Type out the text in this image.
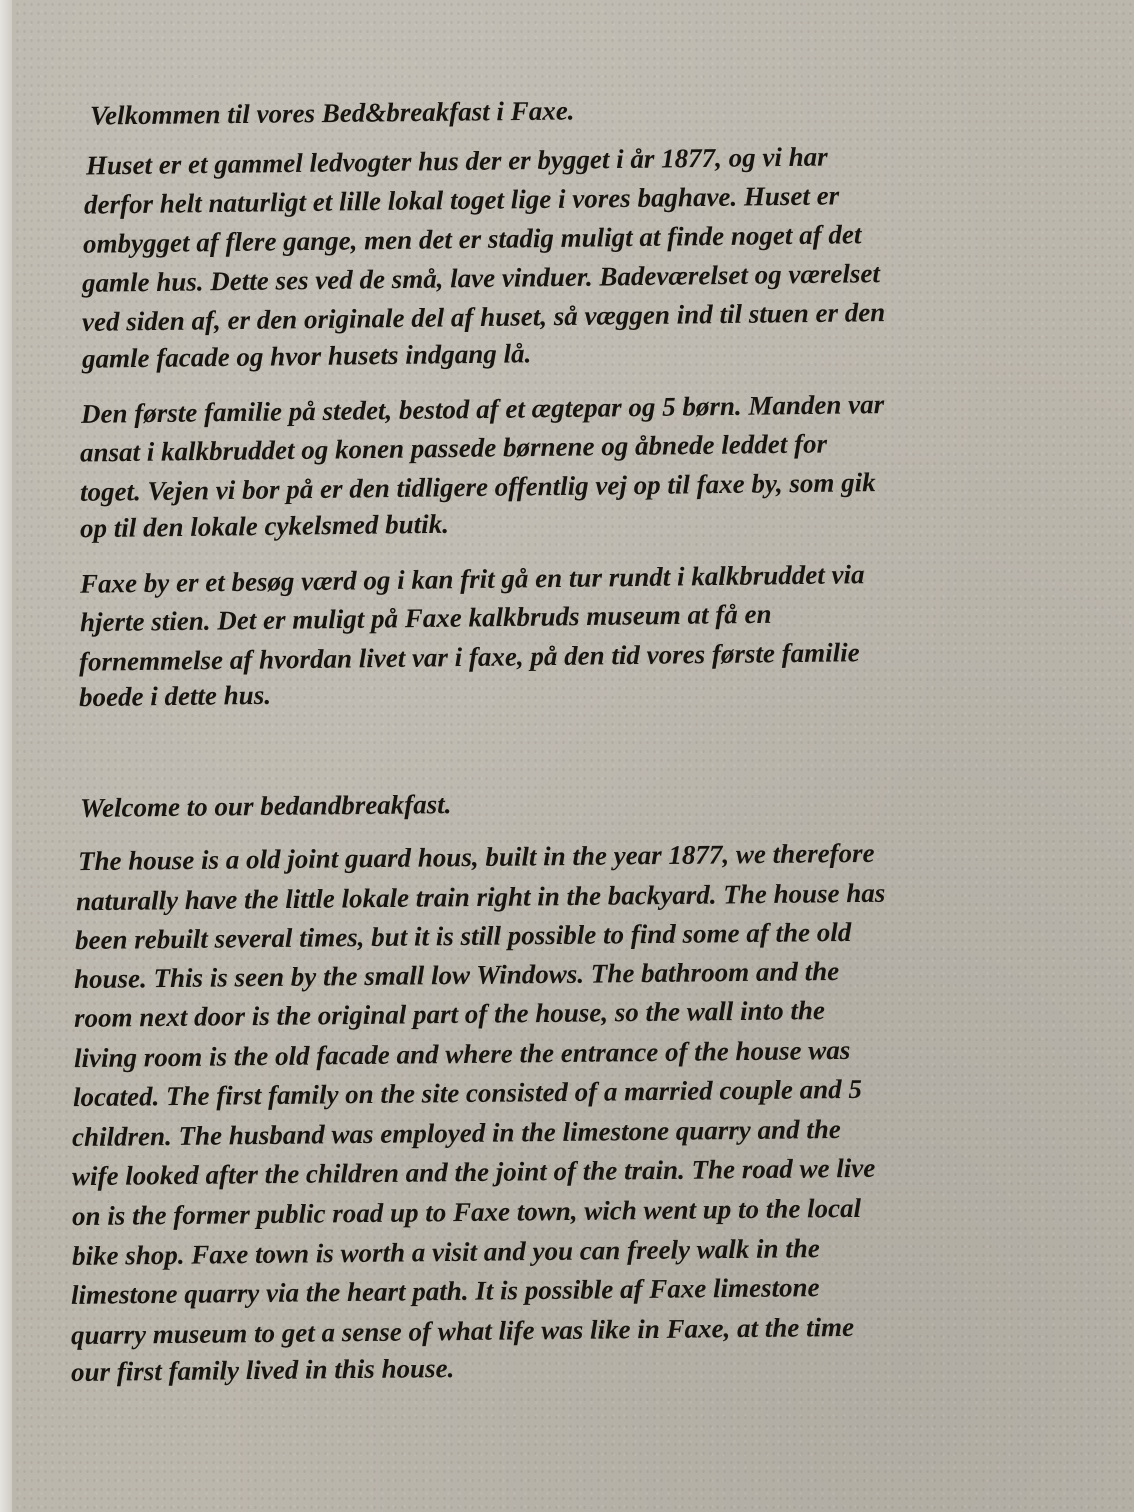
Velkommen til vores Bed&breakfast i Faxe.
Huset er et gammel ledvogter hus der er bygget i år 1877, og vi har
derfor helt naturligt et lille lokal toget lige i vores baghave. Huset er
ombygget af flere gange, men det er stadig muligt at finde noget af det
gamle hus. Dette ses ved de små, lave vinduer. Badeværelset og værelset
ved siden af, er den originale del af huset, så væggen ind til stuen er den
gamle facade og hvor husets indgang lå.
Den første familie på stedet, bestod af et ægtepar og 5 børn. Manden var
ansat i kalkbruddet og konen passede børnene og åbnede leddet for
toget. Vejen vi bor på er den tidligere offentlig vej op til faxe by, som gik
op til den lokale cykelsmed butik.
Faxe by er et besøg værd og i kan frit gå en tur rundt i kalkbruddet via
hjerte stien. Det er muligt på Faxe kalkbruds museum at få en
fornemmelse af hvordan livet var i faxe, på den tid vores første familie
boede i dette hus.
Welcome to our bedandbreakfast.
The house is a old joint guard hous, built in the year 1877, we therefore
naturally have the little lokale train right in the backyard. The house has
been rebuilt several times, but it is still possible to find some af the old
house. This is seen by the small low Windows. The bathroom and the
room next door is the original part of the house, so the wall into the
living room is the old facade and where the entrance of the house was
located. The first family on the site consisted of a married couple and 5
children. The husband was employed in the limestone quarry and the
wife looked after the children and the joint of the train. The road we live
on is the former public road up to Faxe town, wich went up to the local
bike shop. Faxe town is worth a visit and you can freely walk in the
limestone quarry via the heart path. It is possible af Faxe limestone
quarry museum to get a sense of what life was like in Faxe, at the time
our first family lived in this house.
